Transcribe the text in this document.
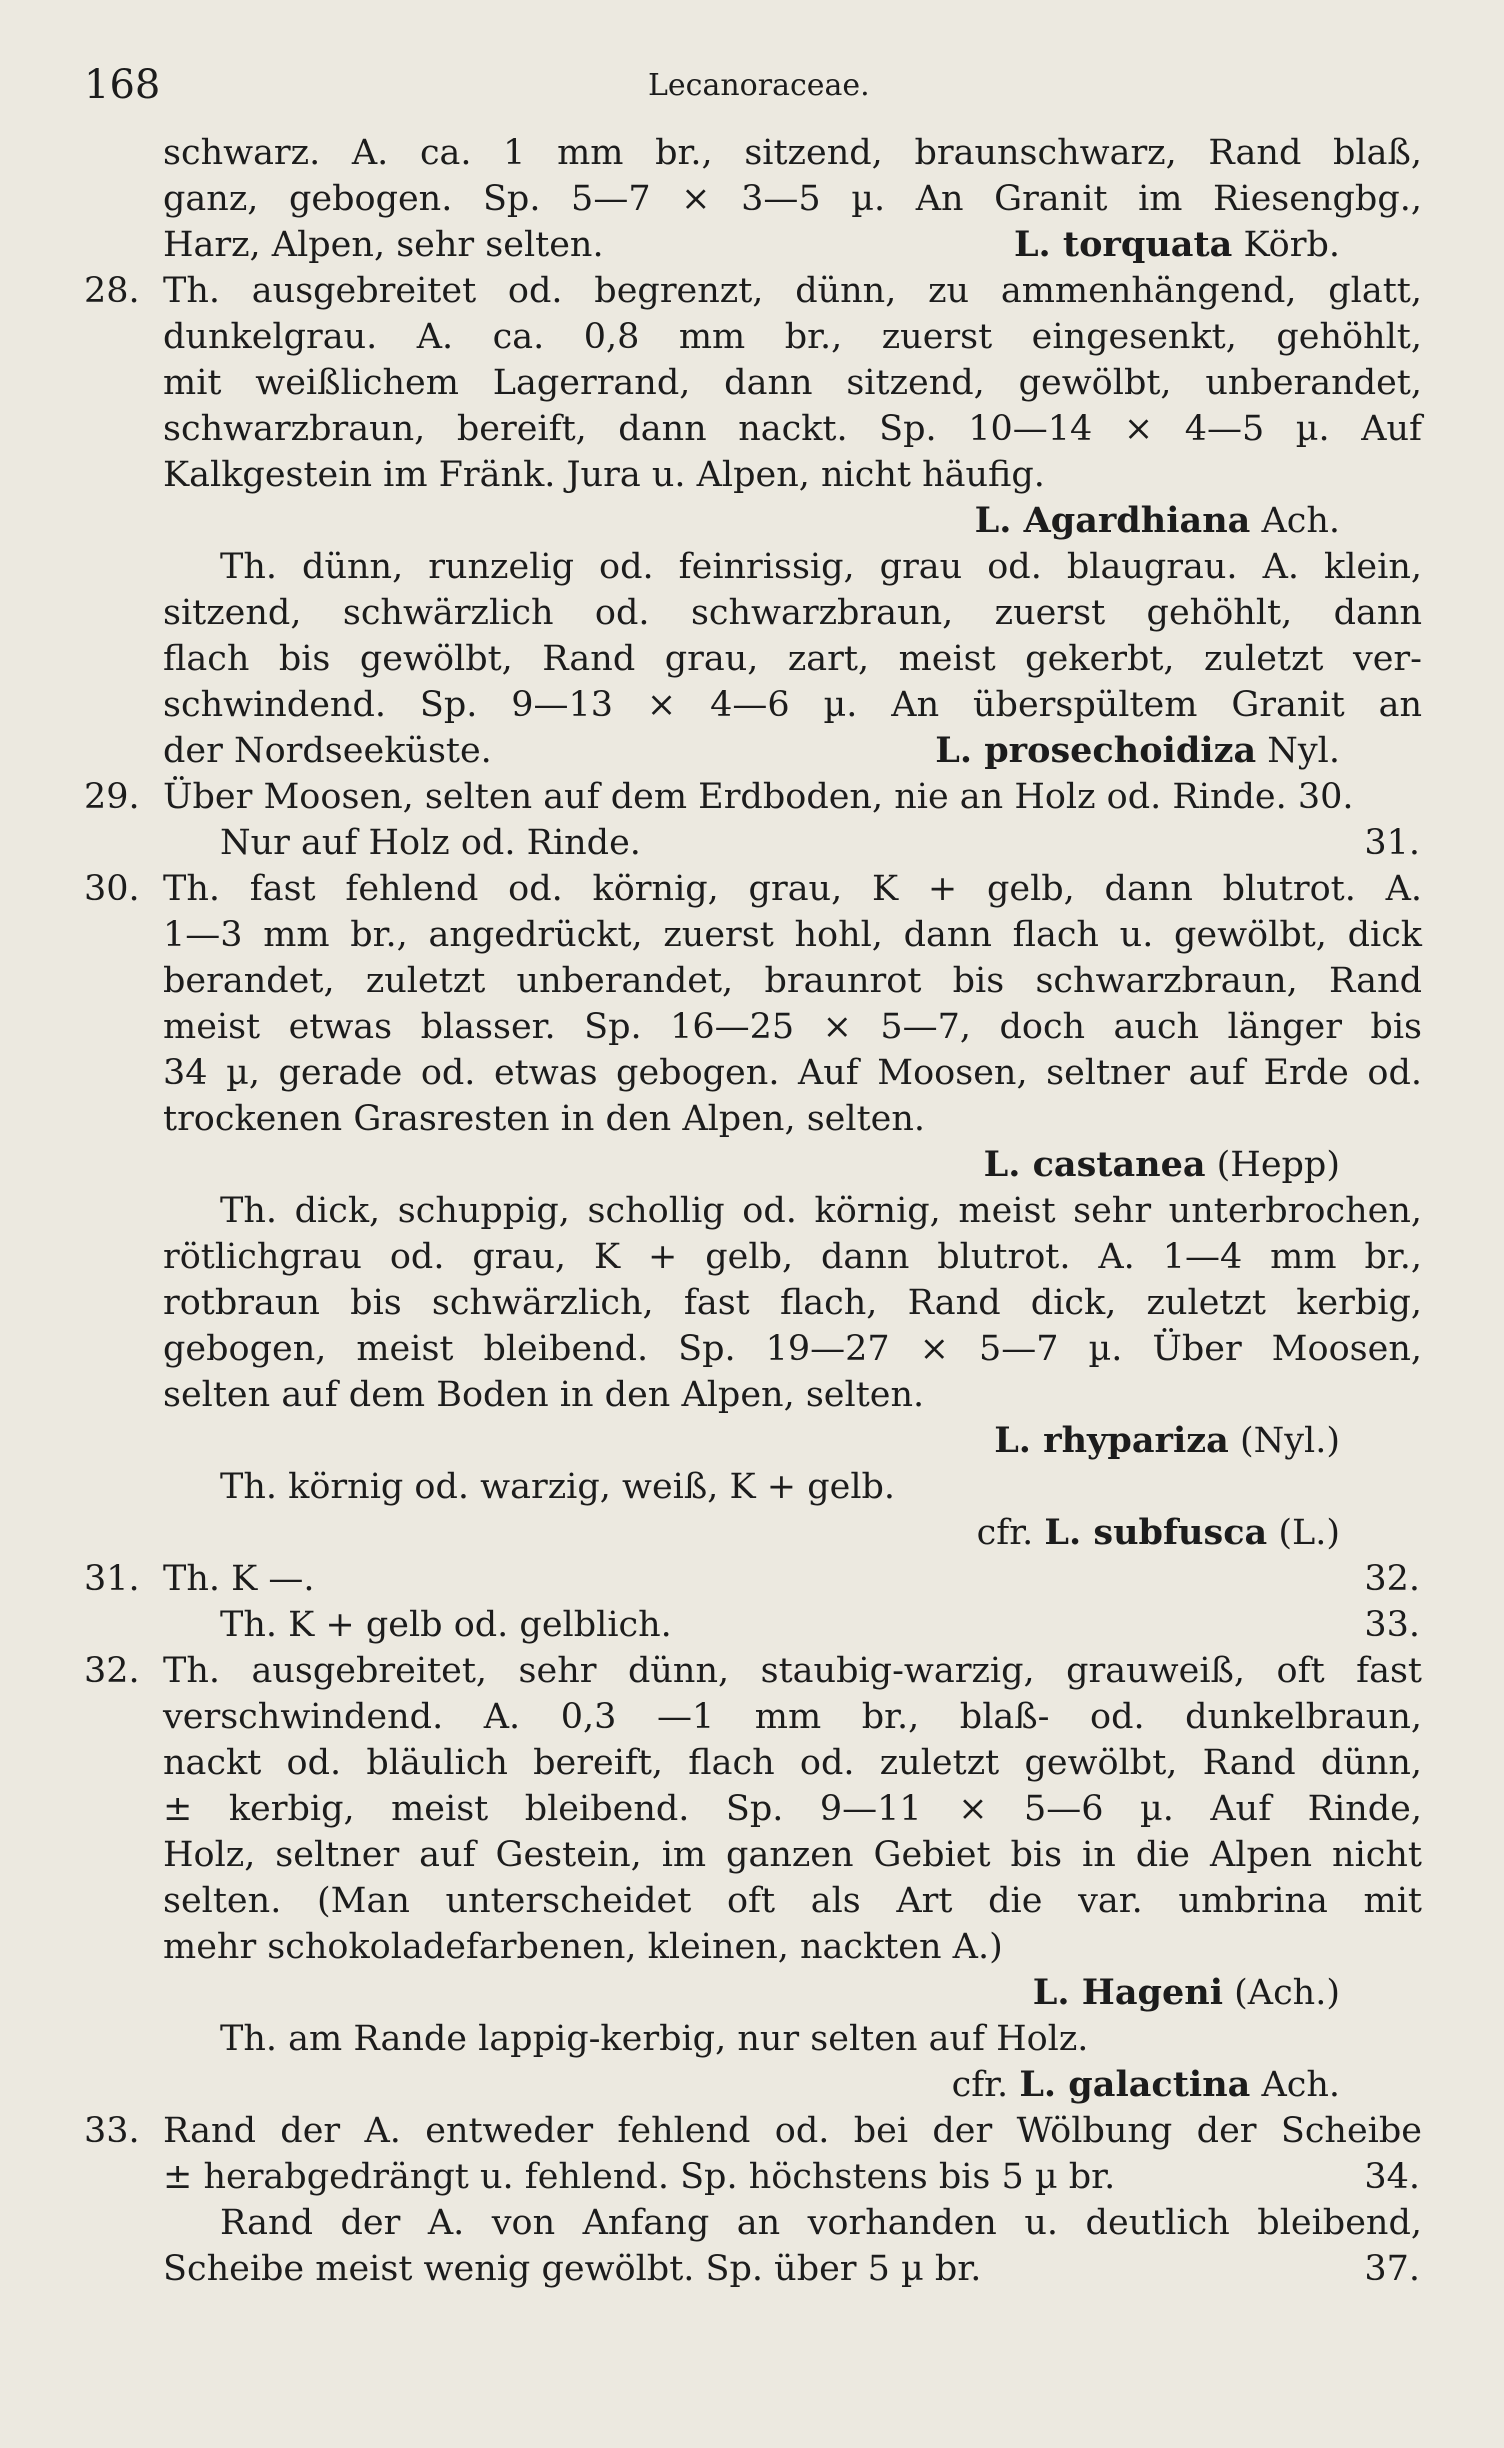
168	Lecanoraceae.
schwarz. A. ca. 1 mm br., sitzend, braunschwarz, Rand blaß,
ganz, gebogen. Sp. 5—7 × 3—5 µ. An Granit im Riesengbg.,
Harz, Alpen, sehr selten.	L. torquata Körb.
28. Th. ausgebreitet od. begrenzt, dünn, zu ammenhängend, glatt,
dunkelgrau. A. ca. 0,8 mm br., zuerst eingesenkt, gehöhlt,
mit weißlichem Lagerrand, dann sitzend, gewölbt, unberandet,
schwarzbraun, bereift, dann nackt. Sp. 10—14 × 4—5 µ. Auf
Kalkgestein im Fränk. Jura u. Alpen, nicht häufig.
L. Agardhiana Ach.
Th. dünn, runzelig od. feinrissig, grau od. blaugrau. A. klein,
sitzend, schwärzlich od. schwarzbraun, zuerst gehöhlt, dann
flach bis gewölbt, Rand grau, zart, meist gekerbt, zuletzt ver-
schwindend. Sp. 9—13 × 4—6 µ. An überspültem Granit an
der Nordseeküste.	L. prosechoidiza Nyl.
29. Über Moosen, selten auf dem Erdboden, nie an Holz od. Rinde. 30.
Nur auf Holz od. Rinde.	31.
30. Th. fast fehlend od. körnig, grau, K + gelb, dann blutrot. A.
1—3 mm br., angedrückt, zuerst hohl, dann flach u. gewölbt, dick
berandet, zuletzt unberandet, braunrot bis schwarzbraun, Rand
meist etwas blasser. Sp. 16—25 × 5—7, doch auch länger bis
34 µ, gerade od. etwas gebogen. Auf Moosen, seltner auf Erde od.
trockenen Grasresten in den Alpen, selten.
L. castanea (Hepp)
Th. dick, schuppig, schollig od. körnig, meist sehr unterbrochen,
rötlichgrau od. grau, K + gelb, dann blutrot. A. 1—4 mm br.,
rotbraun bis schwärzlich, fast flach, Rand dick, zuletzt kerbig,
gebogen, meist bleibend. Sp. 19—27 × 5—7 µ. Über Moosen,
selten auf dem Boden in den Alpen, selten.
L. rhypariza (Nyl.)
Th. körnig od. warzig, weiß, K + gelb.
cfr. L. subfusca (L.)
31. Th. K —.	32.
Th. K + gelb od. gelblich.	33.
32. Th. ausgebreitet, sehr dünn, staubig-warzig, grauweiß, oft fast
verschwindend. A. 0,3 —1 mm br., blaß- od. dunkelbraun,
nackt od. bläulich bereift, flach od. zuletzt gewölbt, Rand dünn,
± kerbig, meist bleibend. Sp. 9—11 × 5—6 µ. Auf Rinde,
Holz, seltner auf Gestein, im ganzen Gebiet bis in die Alpen nicht
selten. (Man unterscheidet oft als Art die var. umbrina mit
mehr schokoladefarbenen, kleinen, nackten A.)
L. Hageni (Ach.)
Th. am Rande lappig-kerbig, nur selten auf Holz.
cfr. L. galactina Ach.
33. Rand der A. entweder fehlend od. bei der Wölbung der Scheibe
± herabgedrängt u. fehlend. Sp. höchstens bis 5 µ br.	34.
Rand der A. von Anfang an vorhanden u. deutlich bleibend,
Scheibe meist wenig gewölbt. Sp. über 5 µ br.	37.
